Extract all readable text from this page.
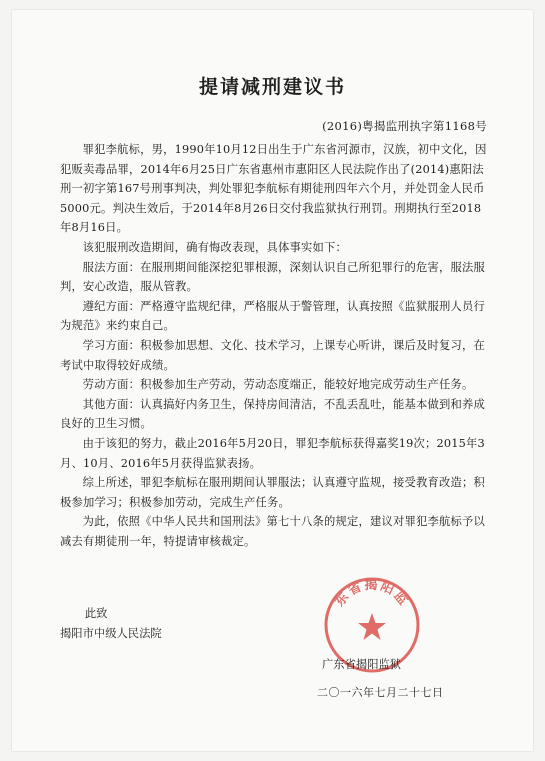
提请减刑建议书
(2016)粤揭监刑执字第1168号

罪犯李航标，男，1990年10月12日出生于广东省河源市，汉族，初中文化，因犯贩卖毒品罪，2014年6月25日广东省惠州市惠阳区人民法院作出了(2014)惠阳法刑一初字第167号刑事判决，判处罪犯李航标有期徒刑四年六个月，并处罚金人民币5000元。判决生效后，于2014年8月26日交付我监狱执行刑罚。刑期执行至2018年8月16日。

该犯服刑改造期间，确有悔改表现，具体事实如下：

服法方面：在服刑期间能深挖犯罪根源，深刻认识自己所犯罪行的危害，服法服判，安心改造，服从管教。

遵纪方面：严格遵守监规纪律，严格服从于警管理，认真按照《监狱服刑人员行为规范》来约束自己。

学习方面：积极参加思想、文化、技术学习，上课专心听讲，课后及时复习，在考试中取得较好成绩。

劳动方面：积极参加生产劳动，劳动态度端正，能较好地完成劳动生产任务。

其他方面：认真搞好内务卫生，保持房间清洁，不乱丢乱吐，能基本做到和养成良好的卫生习惯。

由于该犯的努力，截止2016年5月20日，罪犯李航标获得嘉奖19次；2015年3月、10月、2016年5月获得监狱表扬。

综上所述，罪犯李航标在服刑期间认罪服法；认真遵守监规，接受教育改造；积极参加学习；积极参加劳动，完成生产任务。

为此，依照《中华人民共和国刑法》第七十八条的规定，建议对罪犯李航标予以减去有期徒刑一年，特提请审核裁定。

此致
揭阳市中级人民法院
东省揭阳监
广东省揭阳监狱
二〇一六年七月二十七日
